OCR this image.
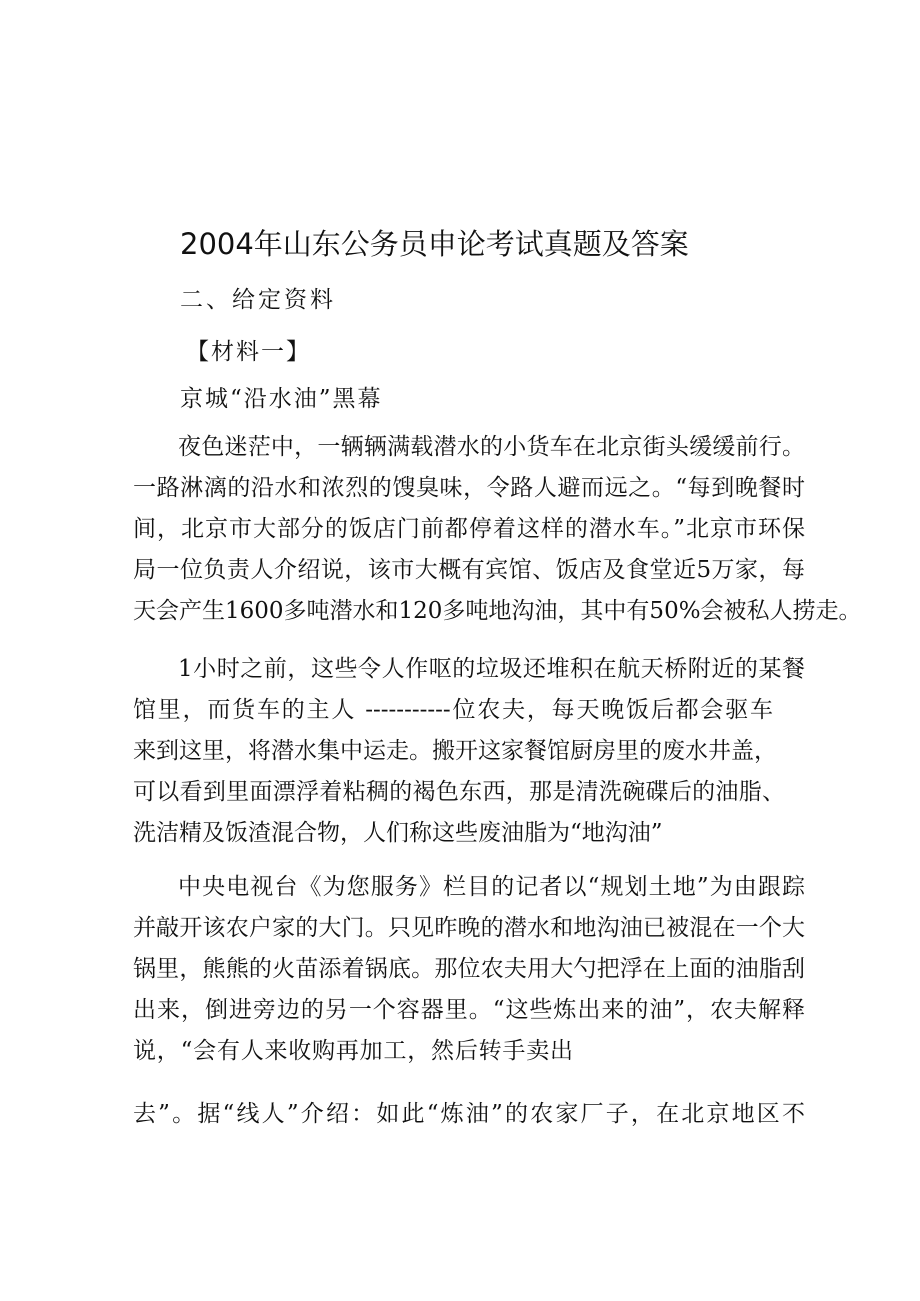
2004年山东公务员申论考试真题及答案

二、给定资料

【材料一】

京城“沿水油”黑幕

夜色迷茫中，一辆辆满载潜水的小货车在北京街头缓缓前行。
一路淋漓的沿水和浓烈的馊臭味，令路人避而远之。“每到晚餐时
间，北京市大部分的饭店门前都停着这样的潜水车。”北京市环保
局一位负责人介绍说，该市大概有宾馆、饭店及食堂近5万家，每
天会产生1600多吨潜水和120多吨地沟油，其中有50%会被私人捞走。

1小时之前，这些令人作呕的垃圾还堆积在航天桥附近的某餐
馆里，而货车的主人 -----------位农夫，每天晚饭后都会驱车
来到这里，将潜水集中运走。搬开这家餐馆厨房里的废水井盖，
可以看到里面漂浮着粘稠的褐色东西，那是清洗碗碟后的油脂、
洗洁精及饭渣混合物，人们称这些废油脂为“地沟油”

中央电视台《为您服务》栏目的记者以“规划土地”为由跟踪
并敲开该农户家的大门。只见昨晚的潜水和地沟油已被混在一个大
锅里，熊熊的火苗添着锅底。那位农夫用大勺把浮在上面的油脂刮
出来，倒进旁边的另一个容器里。“这些炼出来的油”，农夫解释
说，“会有人来收购再加工，然后转手卖出
去”。据“线人”介绍：如此“炼油”的农家厂子，在北京地区不
